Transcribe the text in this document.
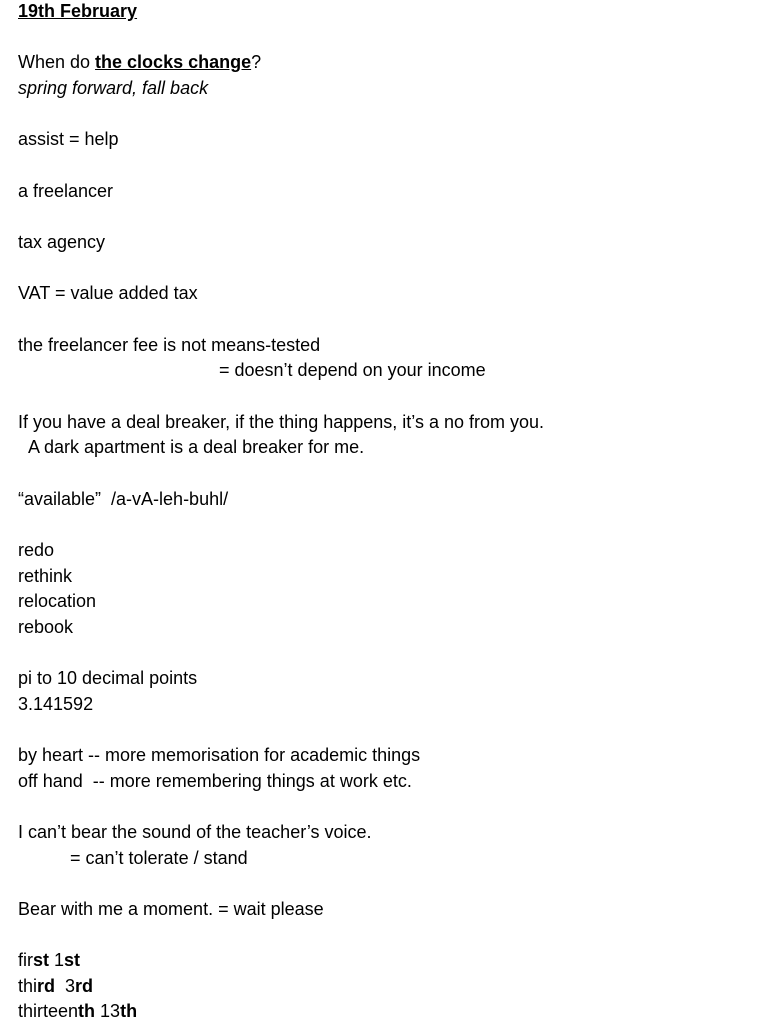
19th February
When do the clocks change?
spring forward, fall back
assist = help
a freelancer
tax agency
VAT = value added tax
the freelancer fee is not means-tested
= doesn’t depend on your income
If you have a deal breaker, if the thing happens, it’s a no from you.
A dark apartment is a deal breaker for me.
“available”  /a-vA-leh-buhl/
redo
rethink
relocation
rebook
pi to 10 decimal points
3.141592
by heart -- more memorisation for academic things
off hand  -- more remembering things at work etc.
I can’t bear the sound of the teacher’s voice.
= can’t tolerate / stand
Bear with me a moment. = wait please
first 1st
third  3rd
thirteenth 13th
